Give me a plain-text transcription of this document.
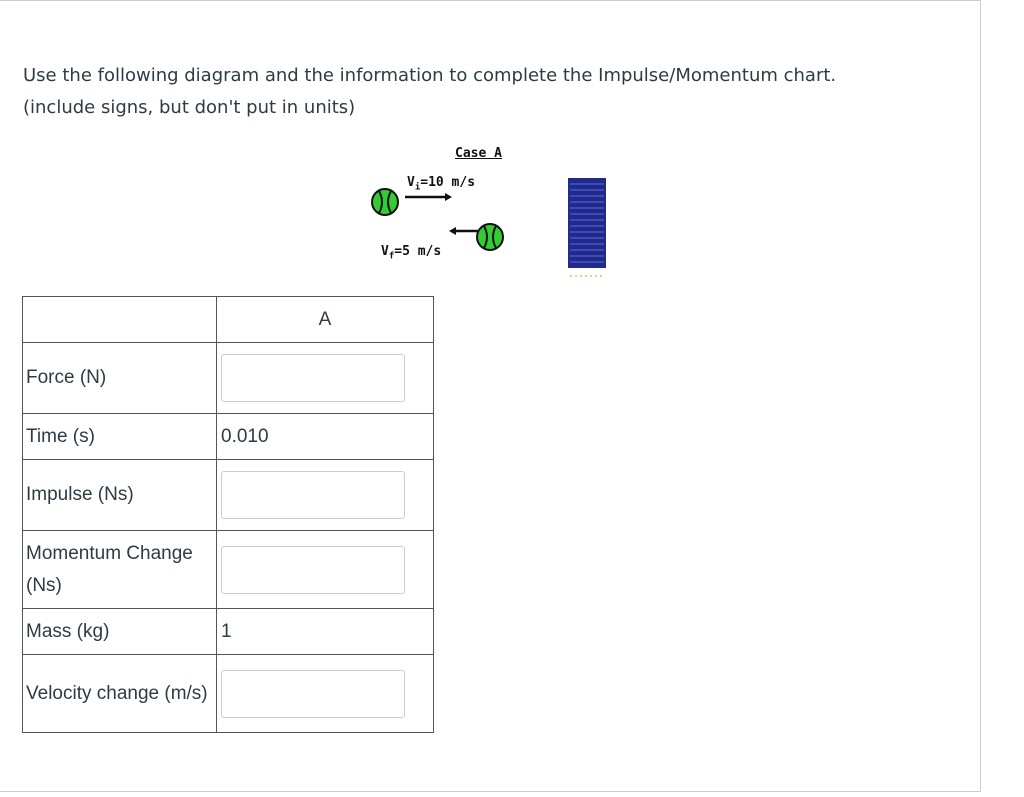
Use the following diagram and the information to complete the Impulse/Momentum chart.

(include signs, but don't put in units)

Case A
$V_i=10$ m/s
$V_f=5$ m/s
	A
Force (N)	

Time (s)	0.010
Impulse (Ns)	

Momentum Change (Ns)	

Mass (kg)	1
Velocity change (m/s)	
